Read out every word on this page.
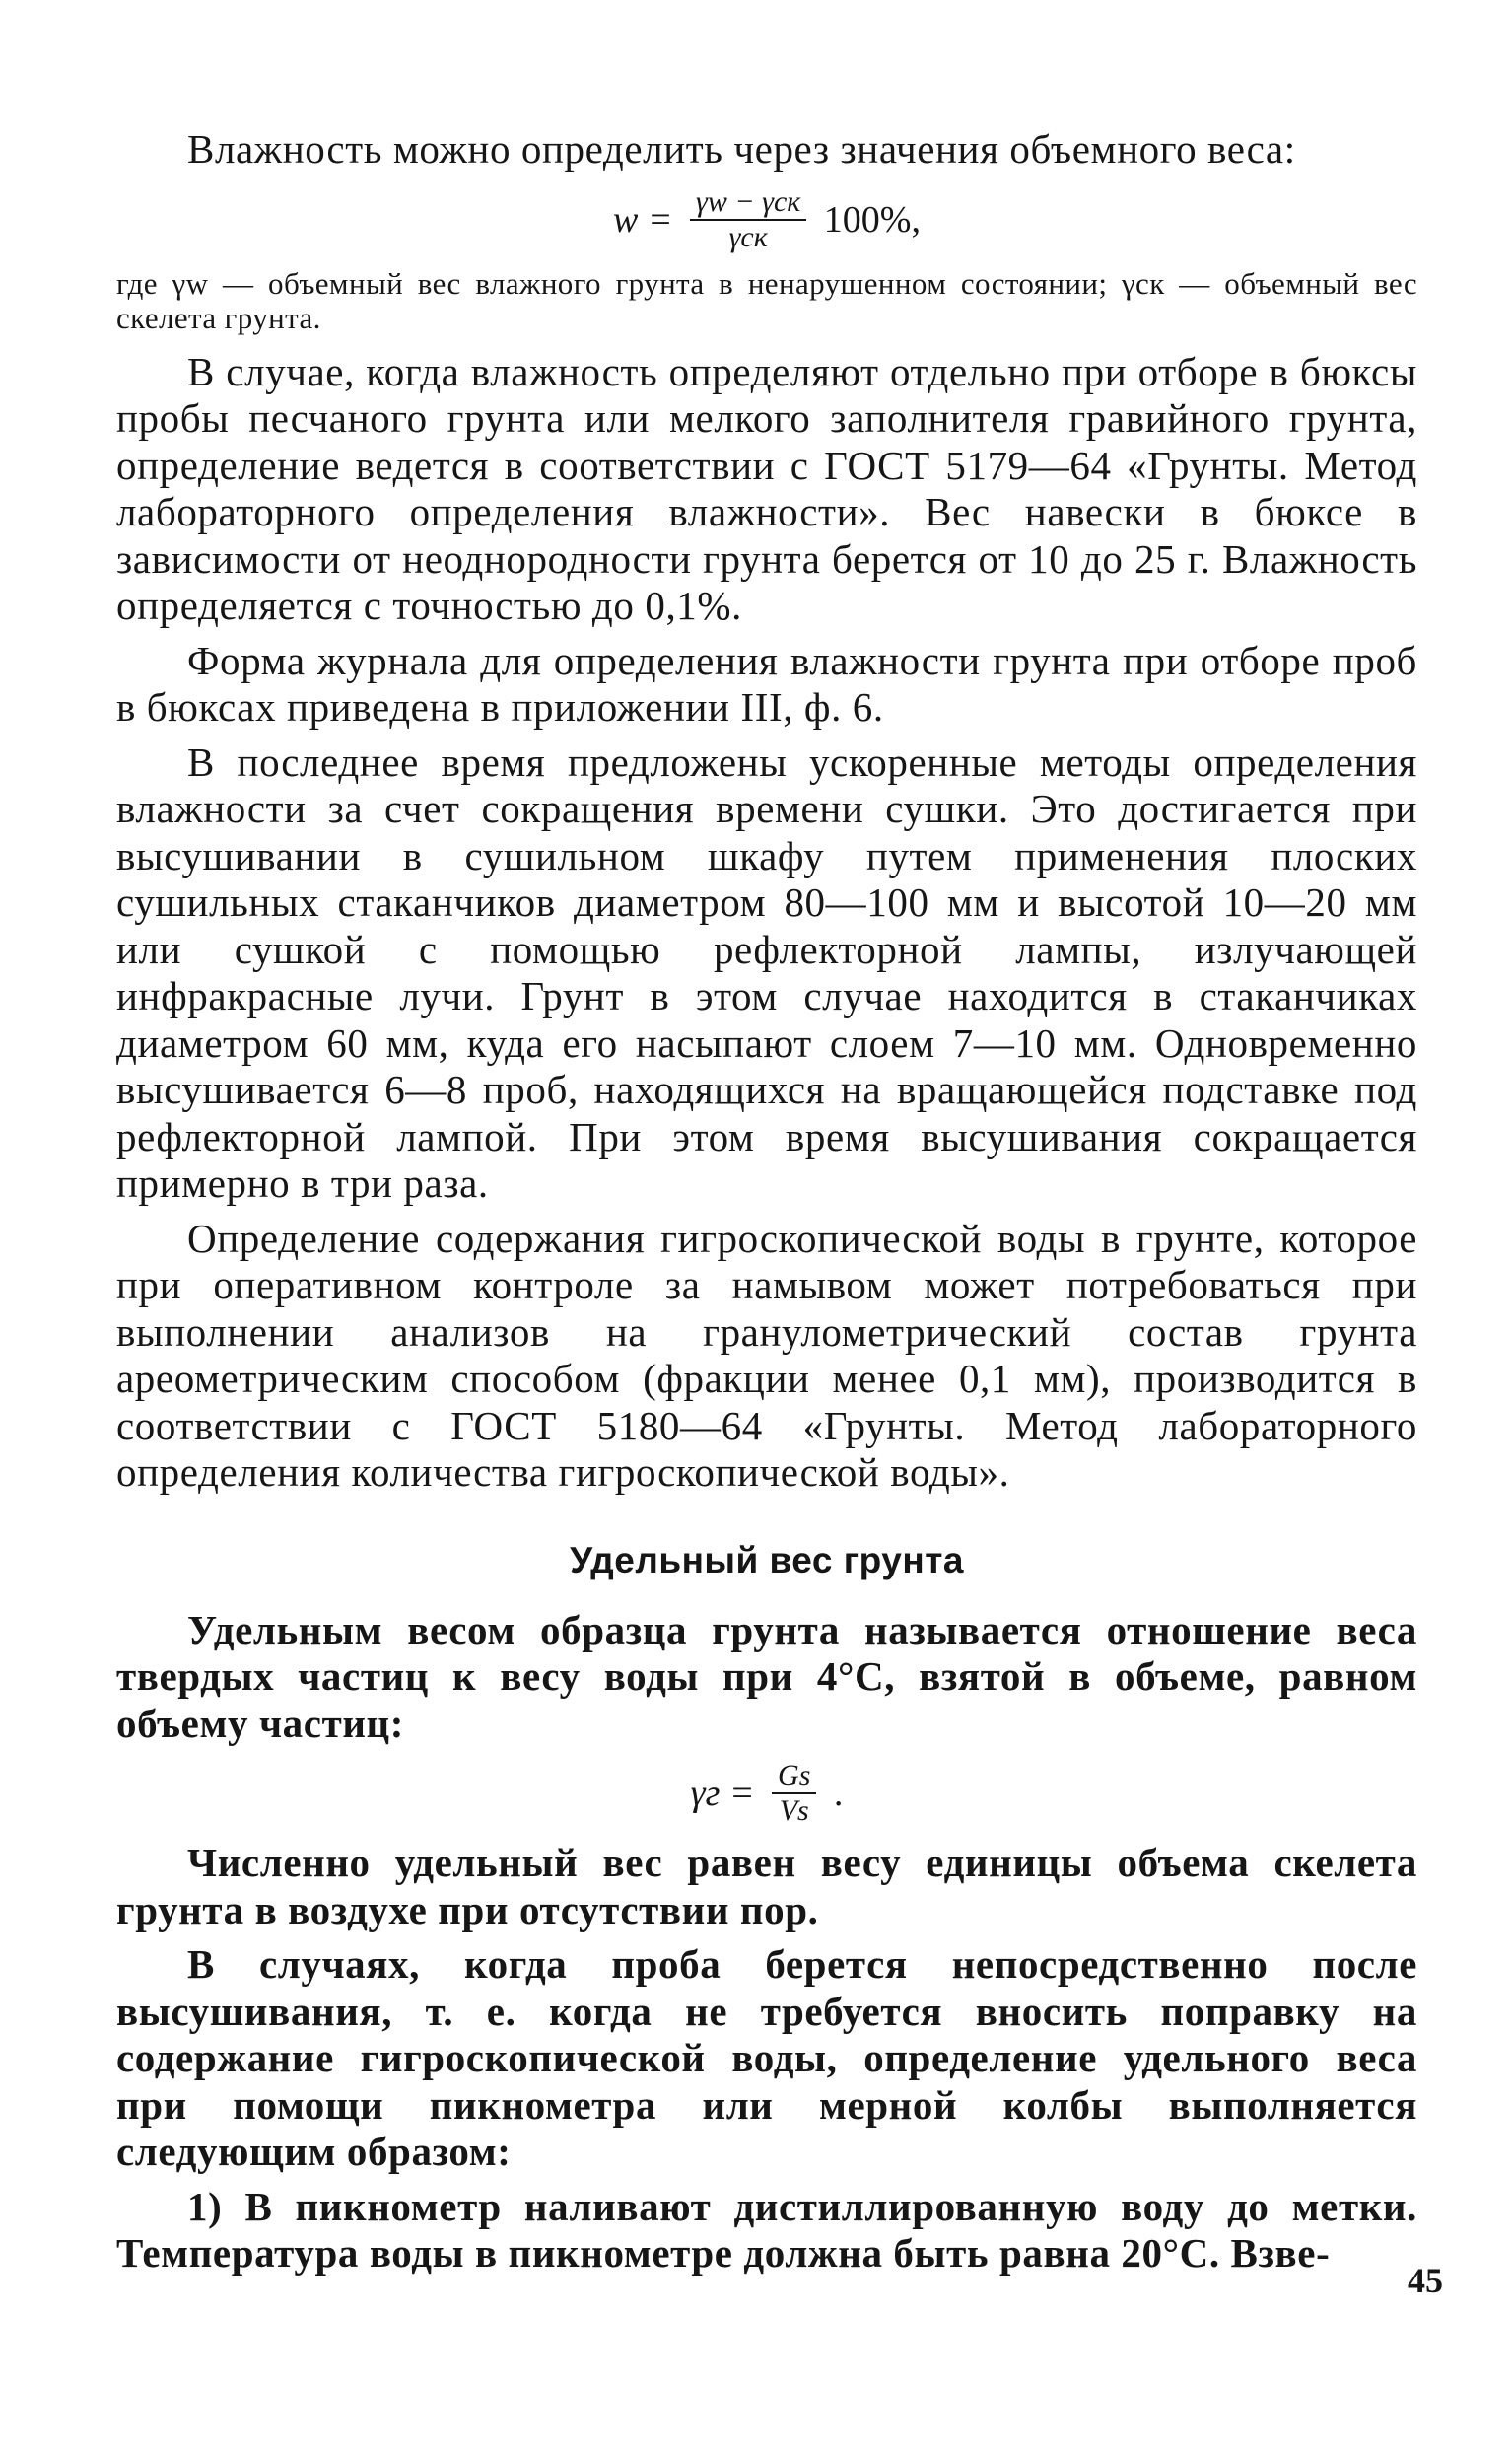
Влажность можно определить через значения объемного веса:

$w = \frac{\text{γw − γск}}{\text{γск}} 100\%$,

где γw — объемный вес влажного грунта в ненарушенном состоянии; γск — объемный вес скелета грунта.

В случае, когда влажность определяют отдельно при отборе в бюксы пробы песчаного грунта или мелкого заполнителя гравийного грунта, определение ведется в соответствии с ГОСТ 5179—64 «Грунты. Метод лабораторного определения влажности». Вес навески в бюксе в зависимости от неоднородности грунта берется от 10 до 25 г. Влажность определяется с точностью до 0,1%.

Форма журнала для определения влажности грунта при отборе проб в бюксах приведена в приложении III, ф. 6.

В последнее время предложены ускоренные методы определения влажности за счет сокращения времени сушки. Это достигается при высушивании в сушильном шкафу путем применения плоских сушильных стаканчиков диаметром 80—100 мм и высотой 10—20 мм или сушкой с помощью рефлекторной лампы, излучающей инфракрасные лучи. Грунт в этом случае находится в стаканчиках диаметром 60 мм, куда его насыпают слоем 7—10 мм. Одновременно высушивается 6—8 проб, находящихся на вращающейся подставке под рефлекторной лампой. При этом время высушивания сокращается примерно в три раза.

Определение содержания гигроскопической воды в грунте, которое при оперативном контроле за намывом может потребоваться при выполнении анализов на гранулометрический состав грунта ареометрическим способом (фракции менее 0,1 мм), производится в соответствии с ГОСТ 5180—64 «Грунты. Метод лабораторного определения количества гигроскопической воды».

Удельный вес грунта

Удельным весом образца грунта называется отношение веса твердых частиц к весу воды при 4°С, взятой в объеме, равном объему частиц:

$\gamma г = \frac{Gs}{Vs}$ .

Численно удельный вес равен весу единицы объема скелета грунта в воздухе при отсутствии пор.

В случаях, когда проба берется непосредственно после высушивания, т. е. когда не требуется вносить поправку на содержание гигроскопической воды, определение удельного веса при помощи пикнометра или мерной колбы выполняется следующим образом:

1) В пикнометр наливают дистиллированную воду до метки. Температура воды в пикнометре должна быть равна 20°С. Взве-

45
